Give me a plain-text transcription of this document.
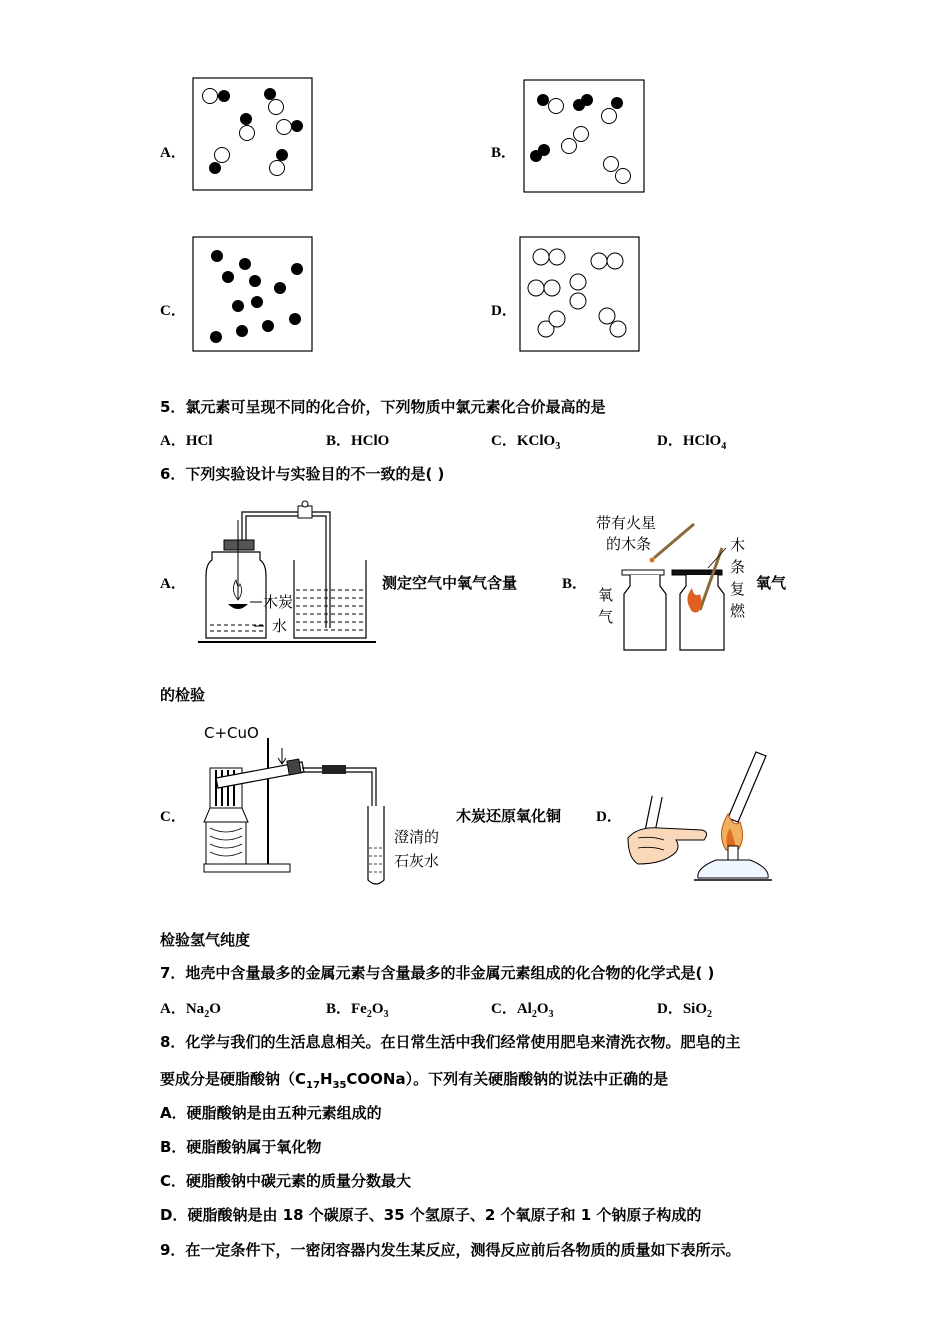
A．	B．
C．	D．
5．氯元素可呈现不同的化合价，下列物质中氯元素化合价最高的是
A．HCl	B．HClO	C．KClO$_3$	D．HClO$_4$
6．下列实验设计与实验目的不一致的是( )
A．
木炭
水
测定空气中氧气含量	B．
带有火星
的木条
氧
气
木
条
复
燃
氧气
的检验
C．
C+CuO
澄清的
石灰水
木炭还原氧化铜 D．
检验氢气纯度
7．地壳中含量最多的金属元素与含量最多的非金属元素组成的化合物的化学式是( )
A．$Na_2O$	B．$Fe_2O_3$	C．$Al_2O_3$	D．SiO$_2$
8．化学与我们的生活息息相关。在日常生活中我们经常使用肥皂来清洗衣物。肥皂的主
要成分是硬脂酸钠$(C_{17}H_{35}COONa)$。下列有关硬脂酸钠的说法中正确的是
A．硬脂酸钠是由五种元素组成的
B．硬脂酸钠属于氧化物
C．硬脂酸钠中碳元素的质量分数最大
D．硬脂酸钠是由 18 个碳原子、35 个氢原子、2 个氧原子和 1 个钠原子构成的
9．在一定条件下，一密闭容器内发生某反应，测得反应前后各物质的质量如下表所示。
